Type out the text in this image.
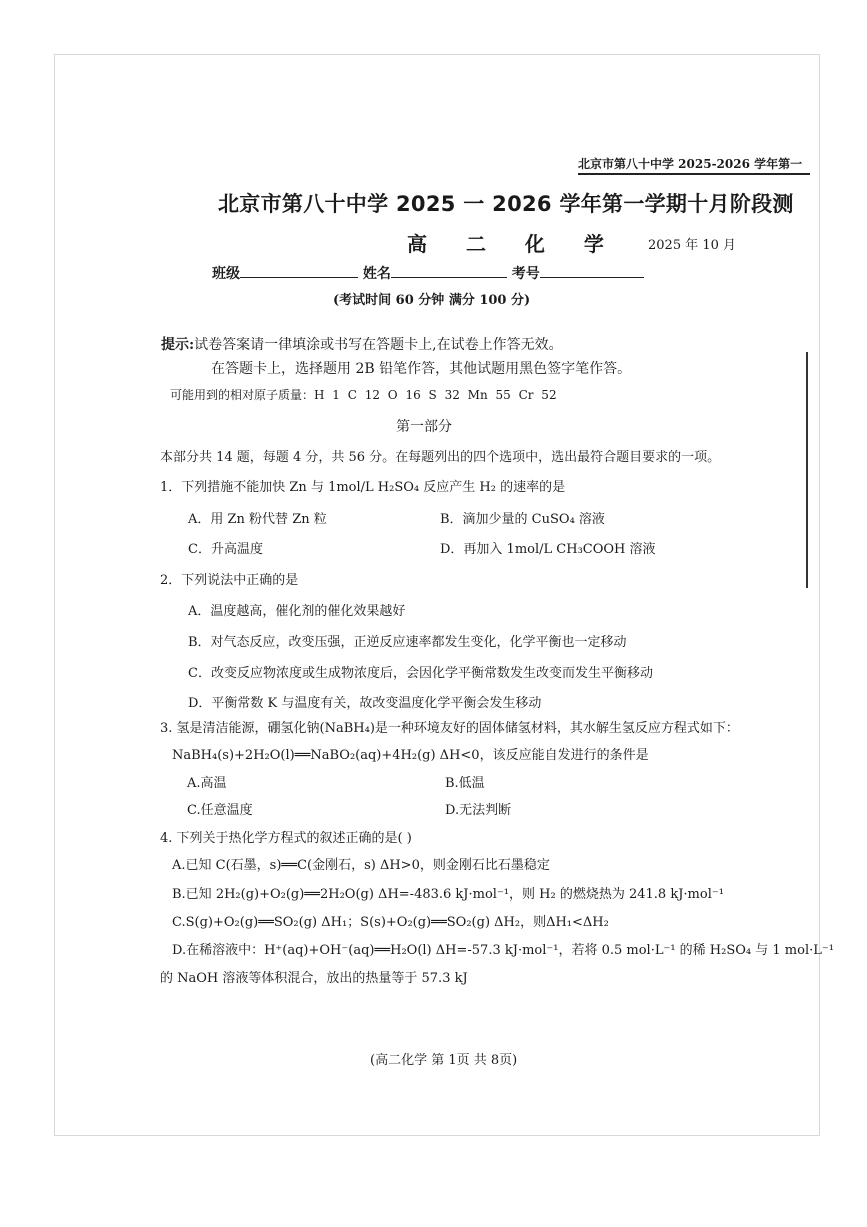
北京市第八十中学 2025-2026 学年第一
北京市第八十中学 2025 一 2026 学年第一学期十月阶段测
高 二 化 学 2025 年 10 月
班级	姓名	考号
(考试时间 60 分钟 满分 100 分)
提示:试卷答案请一律填涂或书写在答题卡上,在试卷上作答无效。
在答题卡上，选择题用 2B 铅笔作答，其他试题用黑色签字笔作答。
可能用到的相对原子质量：H 1 C 12 O 16 S 32 Mn 55 Cr 52
第一部分
本部分共 14 题，每题 4 分，共 56 分。在每题列出的四个选项中，选出最符合题目要求的一项。
1．下列措施不能加快 Zn 与 1mol/L H₂SO₄ 反应产生 H₂ 的速率的是
A．用 Zn 粉代替 Zn 粒	B．滴加少量的 CuSO₄ 溶液
C．升高温度	D．再加入 1mol/L CH₃COOH 溶液
2．下列说法中正确的是
A．温度越高，催化剂的催化效果越好
B．对气态反应，改变压强，正逆反应速率都发生变化，化学平衡也一定移动
C．改变反应物浓度或生成物浓度后，会因化学平衡常数发生改变而发生平衡移动
D．平衡常数 K 与温度有关，故改变温度化学平衡会发生移动
3. 氢是清洁能源，硼氢化钠(NaBH₄)是一种环境友好的固体储氢材料，其水解生氢反应方程式如下：
NaBH₄(s)+2H₂O(l)══NaBO₂(aq)+4H₂(g) ΔH<0，该反应能自发进行的条件是
A.高温	B.低温
C.任意温度	D.无法判断
4. 下列关于热化学方程式的叙述正确的是( )
A.已知 C(石墨，s)══C(金刚石，s) ΔH>0，则金刚石比石墨稳定
B.已知 2H₂(g)+O₂(g)══2H₂O(g) ΔH=-483.6 kJ·mol⁻¹，则 H₂ 的燃烧热为 241.8 kJ·mol⁻¹
C.S(g)+O₂(g)══SO₂(g) ΔH₁；S(s)+O₂(g)══SO₂(g) ΔH₂，则ΔH₁<ΔH₂
D.在稀溶液中：H⁺(aq)+OH⁻(aq)══H₂O(l) ΔH=-57.3 kJ·mol⁻¹，若将 0.5 mol·L⁻¹ 的稀 H₂SO₄ 与 1 mol·L⁻¹
的 NaOH 溶液等体积混合，放出的热量等于 57.3 kJ
(高二化学 第 1页 共 8页)
